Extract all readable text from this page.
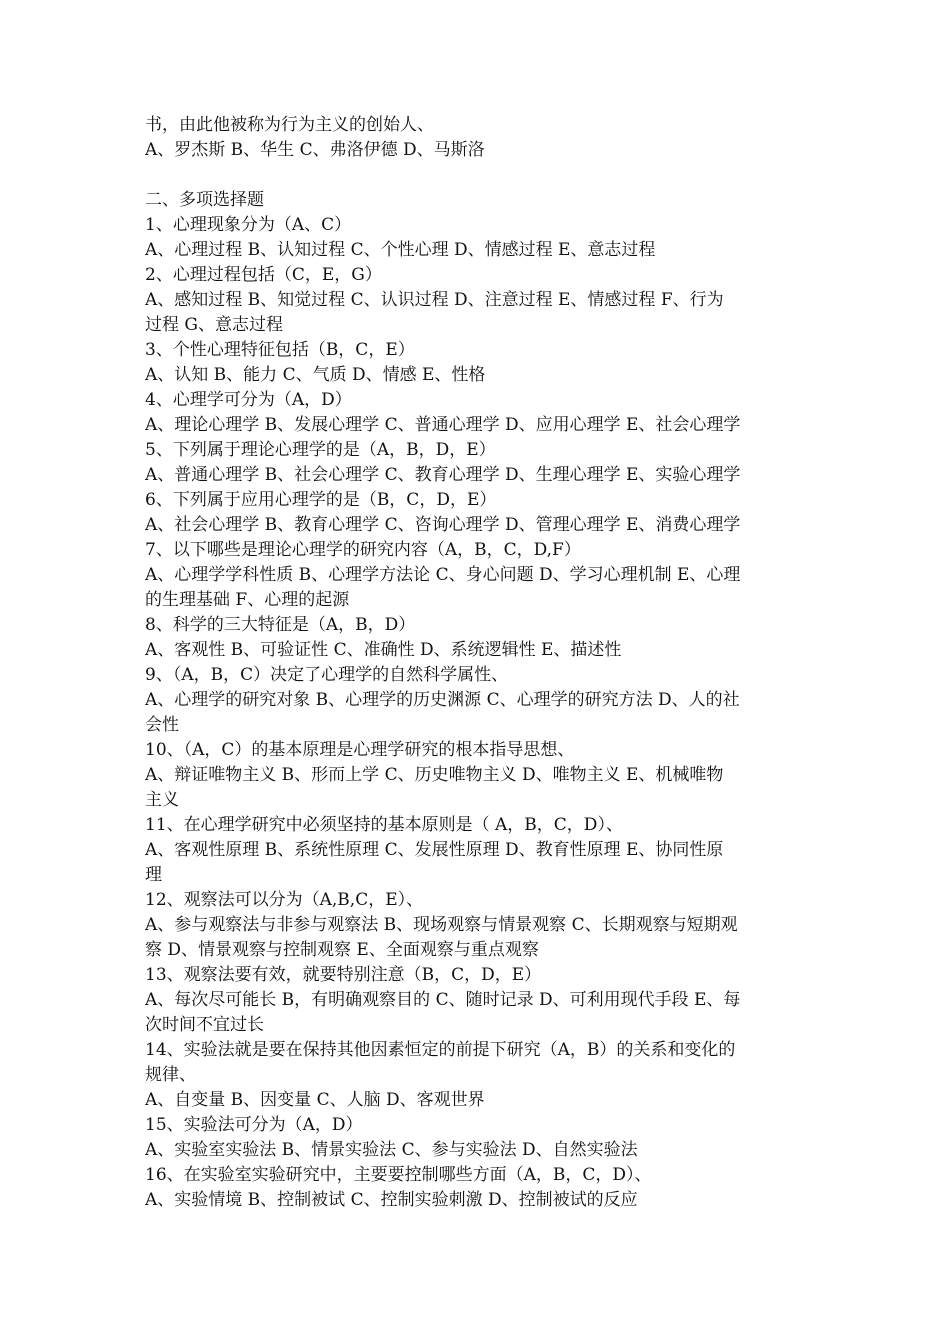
书，由此他被称为行为主义的创始人、
A、罗杰斯 B、华生 C、弗洛伊德 D、马斯洛
二、多项选择题
1、心理现象分为（A、C）
A、心理过程 B、认知过程 C、个性心理 D、情感过程 E、意志过程
2、心理过程包括（C，E，G）
A、感知过程 B、知觉过程 C、认识过程 D、注意过程 E、情感过程 F、行为
过程 G、意志过程
3、个性心理特征包括（B，C，E）
A、认知 B、能力 C、气质 D、情感 E、性格
4、心理学可分为（A，D）
A、理论心理学 B、发展心理学 C、普通心理学 D、应用心理学 E、社会心理学
5、下列属于理论心理学的是（A，B，D，E）
A、普通心理学 B、社会心理学 C、教育心理学 D、生理心理学 E、实验心理学
6、下列属于应用心理学的是（B，C，D，E）
A、社会心理学 B、教育心理学 C、咨询心理学 D、管理心理学 E、消费心理学
7、以下哪些是理论心理学的研究内容（A，B，C，D,F）
A、心理学学科性质 B、心理学方法论 C、身心问题 D、学习心理机制 E、心理
的生理基础 F、心理的起源
8、科学的三大特征是（A，B，D）
A、客观性 B、可验证性 C、准确性 D、系统逻辑性 E、描述性
9、（A，B，C）决定了心理学的自然科学属性、
A、心理学的研究对象 B、心理学的历史渊源 C、心理学的研究方法 D、人的社
会性
10、（A，C）的基本原理是心理学研究的根本指导思想、
A、辩证唯物主义 B、形而上学 C、历史唯物主义 D、唯物主义 E、机械唯物
主义
11、在心理学研究中必须坚持的基本原则是（ A，B，C，D）、
A、客观性原理 B、系统性原理 C、发展性原理 D、教育性原理 E、协同性原
理
12、观察法可以分为（A,B,C，E）、
A、参与观察法与非参与观察法 B、现场观察与情景观察 C、长期观察与短期观
察 D、情景观察与控制观察 E、全面观察与重点观察
13、观察法要有效，就要特别注意（B，C，D，E）
A、每次尽可能长 B，有明确观察目的 C、随时记录 D、可利用现代手段 E、每
次时间不宜过长
14、实验法就是要在保持其他因素恒定的前提下研究（A，B）的关系和变化的
规律、
A、自变量 B、因变量 C、人脑 D、客观世界
15、实验法可分为（A，D）
A、实验室实验法 B、情景实验法 C、参与实验法 D、自然实验法
16、在实验室实验研究中，主要要控制哪些方面（A，B，C，D）、
A、实验情境 B、控制被试 C、控制实验刺激 D、控制被试的反应
